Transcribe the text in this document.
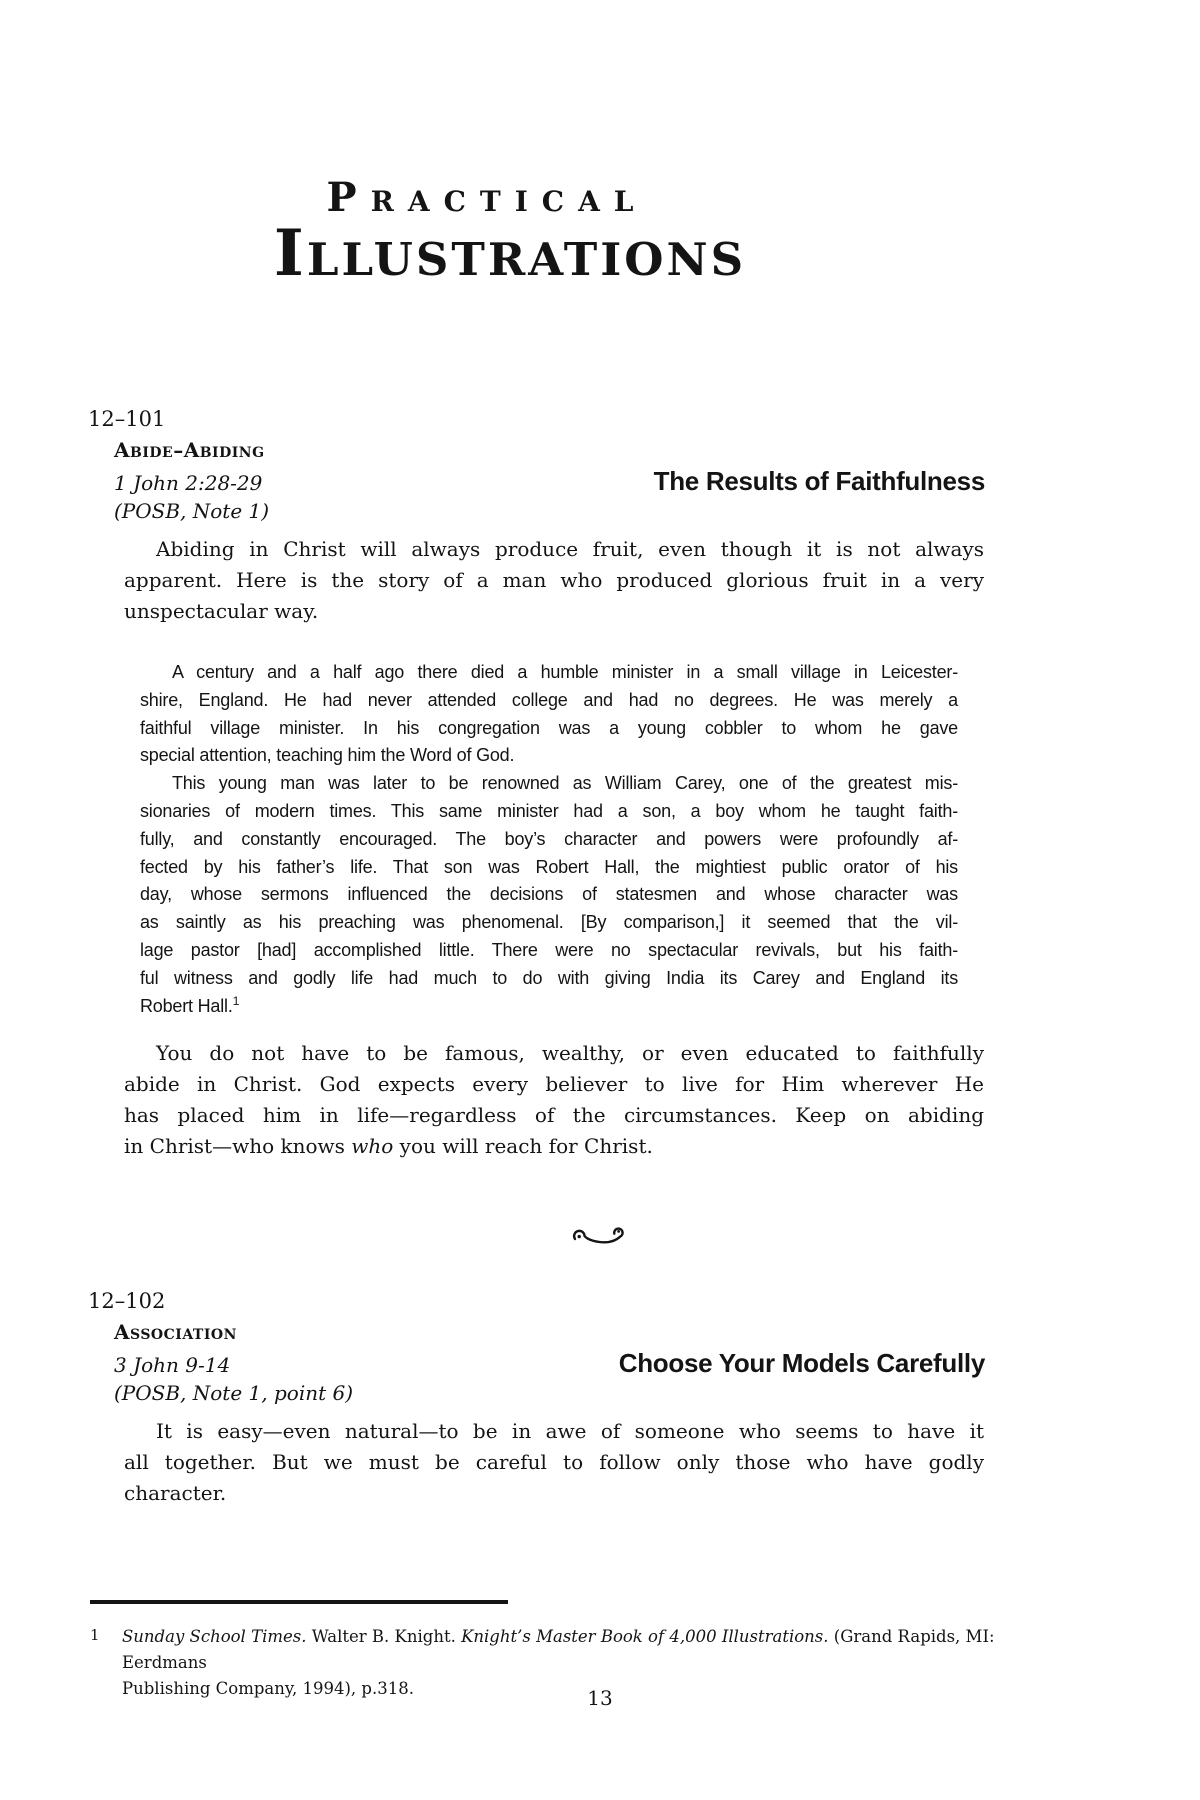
Practical
Illustrations
12–101
Abide–Abiding
1 John 2:28-29	The Results of Faithfulness
(POSB, Note 1)
Abiding in Christ will always produce fruit, even though it is not always
apparent. Here is the story of a man who produced glorious fruit in a very
unspectacular way.
A century and a half ago there died a humble minister in a small village in Leicester-
shire, England. He had never attended college and had no degrees. He was merely a
faithful village minister. In his congregation was a young cobbler to whom he gave
special attention, teaching him the Word of God.
This young man was later to be renowned as William Carey, one of the greatest mis-
sionaries of modern times. This same minister had a son, a boy whom he taught faith-
fully, and constantly encouraged. The boy’s character and powers were profoundly af-
fected by his father’s life. That son was Robert Hall, the mightiest public orator of his
day, whose sermons influenced the decisions of statesmen and whose character was
as saintly as his preaching was phenomenal. [By comparison,] it seemed that the vil-
lage pastor [had] accomplished little. There were no spectacular revivals, but his faith-
ful witness and godly life had much to do with giving India its Carey and England its
Robert Hall.$^1$
You do not have to be famous, wealthy, or even educated to faithfully
abide in Christ. God expects every believer to live for Him wherever He
has placed him in life—regardless of the circumstances. Keep on abiding
in Christ—who knows who you will reach for Christ.
12–102
Association
3 John 9-14	Choose Your Models Carefully
(POSB, Note 1, point 6)
It is easy—even natural—to be in awe of someone who seems to have it
all together. But we must be careful to follow only those who have godly
character.
1	Sunday School Times. Walter B. Knight. Knight’s Master Book of 4,000 Illustrations. (Grand Rapids, MI: Eerdmans
Publishing Company, 1994), p.318.	13
